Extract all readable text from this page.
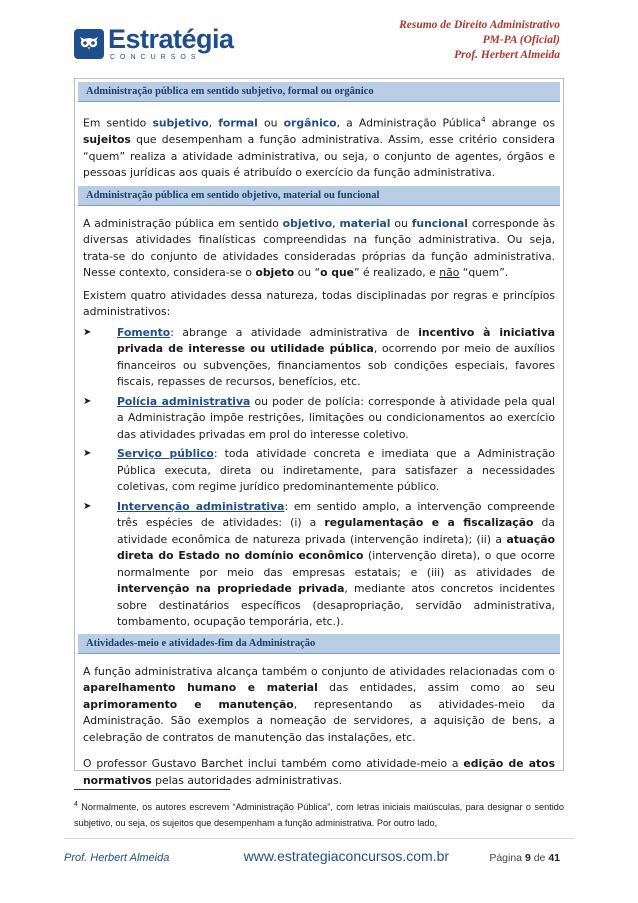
Estratégia
CONCURSOS
Resumo de Direito Administrativo
PM-PA (Oficial)
Prof. Herbert Almeida
Administração pública em sentido subjetivo, formal ou orgânico

Em sentido subjetivo, formal ou orgânico, a Administração Pública$^4$ abrange os sujeitos que desempenham a função administrativa. Assim, esse critério considera “quem” realiza a atividade administrativa, ou seja, o conjunto de agentes, órgãos e pessoas jurídicas aos quais é atribuído o exercício da função administrativa.

Administração pública em sentido objetivo, material ou funcional

A administração pública em sentido objetivo, material ou funcional corresponde às diversas atividades finalísticas compreendidas na função administrativa. Ou seja, trata-se do conjunto de atividades consideradas próprias da função administrativa. Nesse contexto, considera-se o objeto ou “o que” é realizado, e não “quem”.

Existem quatro atividades dessa natureza, todas disciplinadas por regras e princípios administrativos:

➤	Fomento: abrange a atividade administrativa de incentivo à iniciativa privada de interesse ou utilidade pública, ocorrendo por meio de auxílios financeiros ou subvenções, financiamentos sob condições especiais, favores fiscais, repasses de recursos, benefícios, etc.
➤	Polícia administrativa ou poder de polícia: corresponde à atividade pela qual a Administração impõe restrições, limitações ou condicionamentos ao exercício das atividades privadas em prol do interesse coletivo.
➤	Serviço público: toda atividade concreta e imediata que a Administração Pública executa, direta ou indiretamente, para satisfazer a necessidades coletivas, com regime jurídico predominantemente público.
➤	Intervenção administrativa: em sentido amplo, a intervenção compreende três espécies de atividades: (i) a regulamentação e a fiscalização da atividade econômica de natureza privada (intervenção indireta); (ii) a atuação direta do Estado no domínio econômico (intervenção direta), o que ocorre normalmente por meio das empresas estatais; e (iii) as atividades de intervenção na propriedade privada, mediante atos concretos incidentes sobre destinatários específicos (desapropriação, servidão administrativa, tombamento, ocupação temporária, etc.).
Atividades-meio e atividades-fim da Administração

A função administrativa alcança também o conjunto de atividades relacionadas com o aparelhamento humano e material das entidades, assim como ao seu aprimoramento e manutenção, representando as atividades-meio da Administração. São exemplos a nomeação de servidores, a aquisição de bens, a celebração de contratos de manutenção das instalações, etc.

O professor Gustavo Barchet inclui também como atividade-meio a edição de atos normativos pelas autoridades administrativas.

$^4$ Normalmente, os autores escrevem “Administração Pública”, com letras iniciais maiúsculas, para designar o sentido subjetivo, ou seja, os sujeitos que desempenham a função administrativa. Por outro lado,
Prof. Herbert Almeida	www.estrategiaconcursos.com.br	Página 9 de 41
